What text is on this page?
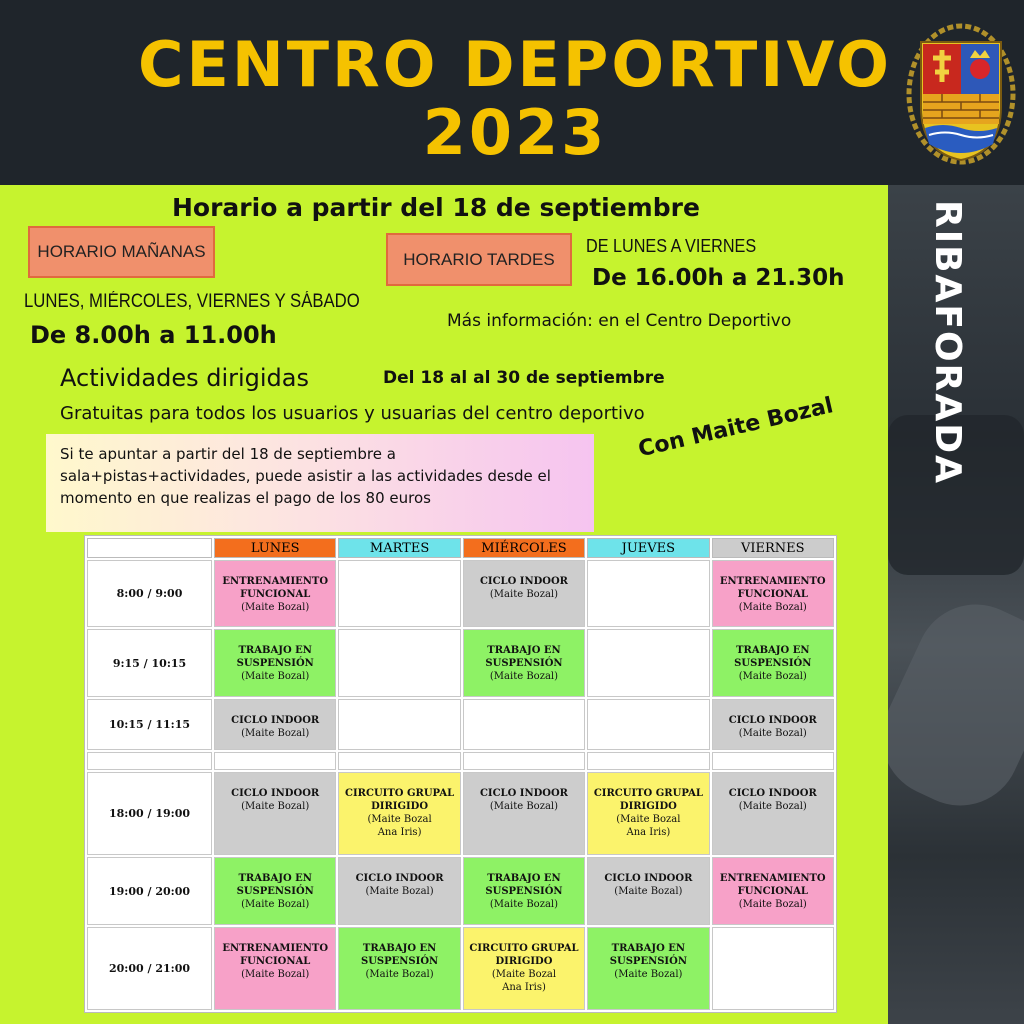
CENTRO DEPORTIVO
2023
RIBAFORADA
Horario a partir del 18 de septiembre
HORARIO MAÑANAS	HORARIO TARDES
LUNES, MIÉRCOLES, VIERNES Y SÁBADO
De 8.00h a 11.00h
DE LUNES A VIERNES
De 16.00h a 21.30h
Más información: en el Centro Deportivo
Actividades dirigidas	Del 18 al al 30 de septiembre
Gratuitas para todos los usuarios y usuarias del centro deportivo
Si te apuntar a partir del 18 de septiembre a
sala+pistas+actividades, puede asistir a las actividades desde el
momento en que realizas el pago de los 80 euros
Con Maite Bozal
	LUNES	MARTES	MIÉRCOLES	JUEVES	VIERNES
8:00 / 9:00	ENTRENAMIENTO
FUNCIONAL
(Maite Bozal)		CICLO INDOOR
(Maite Bozal)		ENTRENAMIENTO
FUNCIONAL
(Maite Bozal)

9:15 / 10:15	TRABAJO EN
SUSPENSIÓN
(Maite Bozal)		TRABAJO EN
SUSPENSIÓN
(Maite Bozal)		TRABAJO EN
SUSPENSIÓN
(Maite Bozal)

10:15 / 11:15	CICLO INDOOR
(Maite Bozal)				CICLO INDOOR
(Maite Bozal)

18:00 / 19:00	CICLO INDOOR
(Maite Bozal)	CIRCUITO GRUPAL
DIRIGIDO
(Maite Bozal
Ana Iris)	CICLO INDOOR
(Maite Bozal)	CIRCUITO GRUPAL
DIRIGIDO
(Maite Bozal
Ana Iris)	CICLO INDOOR
(Maite Bozal)

19:00 / 20:00	TRABAJO EN
SUSPENSIÓN
(Maite Bozal)	CICLO INDOOR
(Maite Bozal)	TRABAJO EN
SUSPENSIÓN
(Maite Bozal)	CICLO INDOOR
(Maite Bozal)	ENTRENAMIENTO
FUNCIONAL
(Maite Bozal)

20:00 / 21:00	ENTRENAMIENTO
FUNCIONAL
(Maite Bozal)	TRABAJO EN
SUSPENSIÓN
(Maite Bozal)	CIRCUITO GRUPAL
DIRIGIDO
(Maite Bozal
Ana Iris)	TRABAJO EN
SUSPENSIÓN
(Maite Bozal)	
